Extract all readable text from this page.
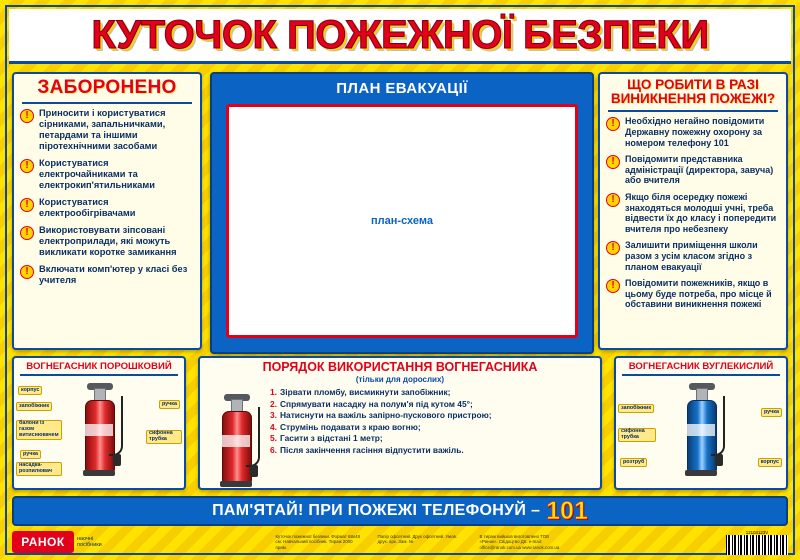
КУТОЧОК ПОЖЕЖНОЇ БЕЗПЕКИ
ЗАБОРОНЕНО
!	Приносити і користуватися сірниками, запальничками, петардами та іншими піротехнічними засобами
!	Користуватися електрочайниками та електрокип'ятильниками
!	Користуватися електрообігрівачами
!	Використовувати зіпсовані електроприлади, які можуть викликати коротке замикання
!	Включати комп'ютер у класі без учителя
ПЛАН ЕВАКУАЦІЇ
план-схема
ЩО РОБИТИ В РАЗІ ВИНИКНЕННЯ ПОЖЕЖІ?
!	Необхідно негайно повідомити Державну пожежну охорону за номером телефону 101
!	Повідомити представника адміністрації (директора, завуча) або вчителя
!	Якщо біля осередку пожежі знаходяться молодші учні, треба відвести їх до класу і попередити вчителя про небезпеку
!	Залишити приміщення школи разом з усім класом згідно з планом евакуації
!	Повідомити пожежників, якщо в цьому буде потреба, про місце й обставини виникнення пожежі
ВОГНЕГАСНИК ПОРОШКОВИЙ
корпус
запобіжник	ручка
балони із газом витиснювачем	сифонна трубка
ручка
насадка-розпилювач
ПОРЯДОК ВИКОРИСТАННЯ ВОГНЕГАСНИКА
(тільки для дорослих)
1. Зірвати пломбу, висмикнути запобіжник;
2. Спрямувати насадку на полум'я під кутом 45°;
3. Натиснути на важіль запірно-пускового пристрою;
4. Струмінь подавати з краю вогню;
5. Гасити з відстані 1 метр;
6. Після закінчення гасіння відпустити важіль.
ВОГНЕГАСНИК ВУГЛЕКИСЛИЙ
запобіжник
ручка
сифонна трубка
розтруб	корпус
ПАМ'ЯТАЙ! ПРИ ПОЖЕЖІ ТЕЛЕФОНУЙ – 101
РАНОК	наочні посібники
Куточок пожежної безпеки. Формат 68х48 см. Навчальний посібник. Тираж 2000 прим.
Папір офсетний. Друк офсетний. Умов. друк. арк. Зам. №
В тираж вийшов виготовлено ТОВ «Ранок». Свідоцтво ДК. e-mail: office@ranok.com.ua www.ranok.com.ua
12104123V
